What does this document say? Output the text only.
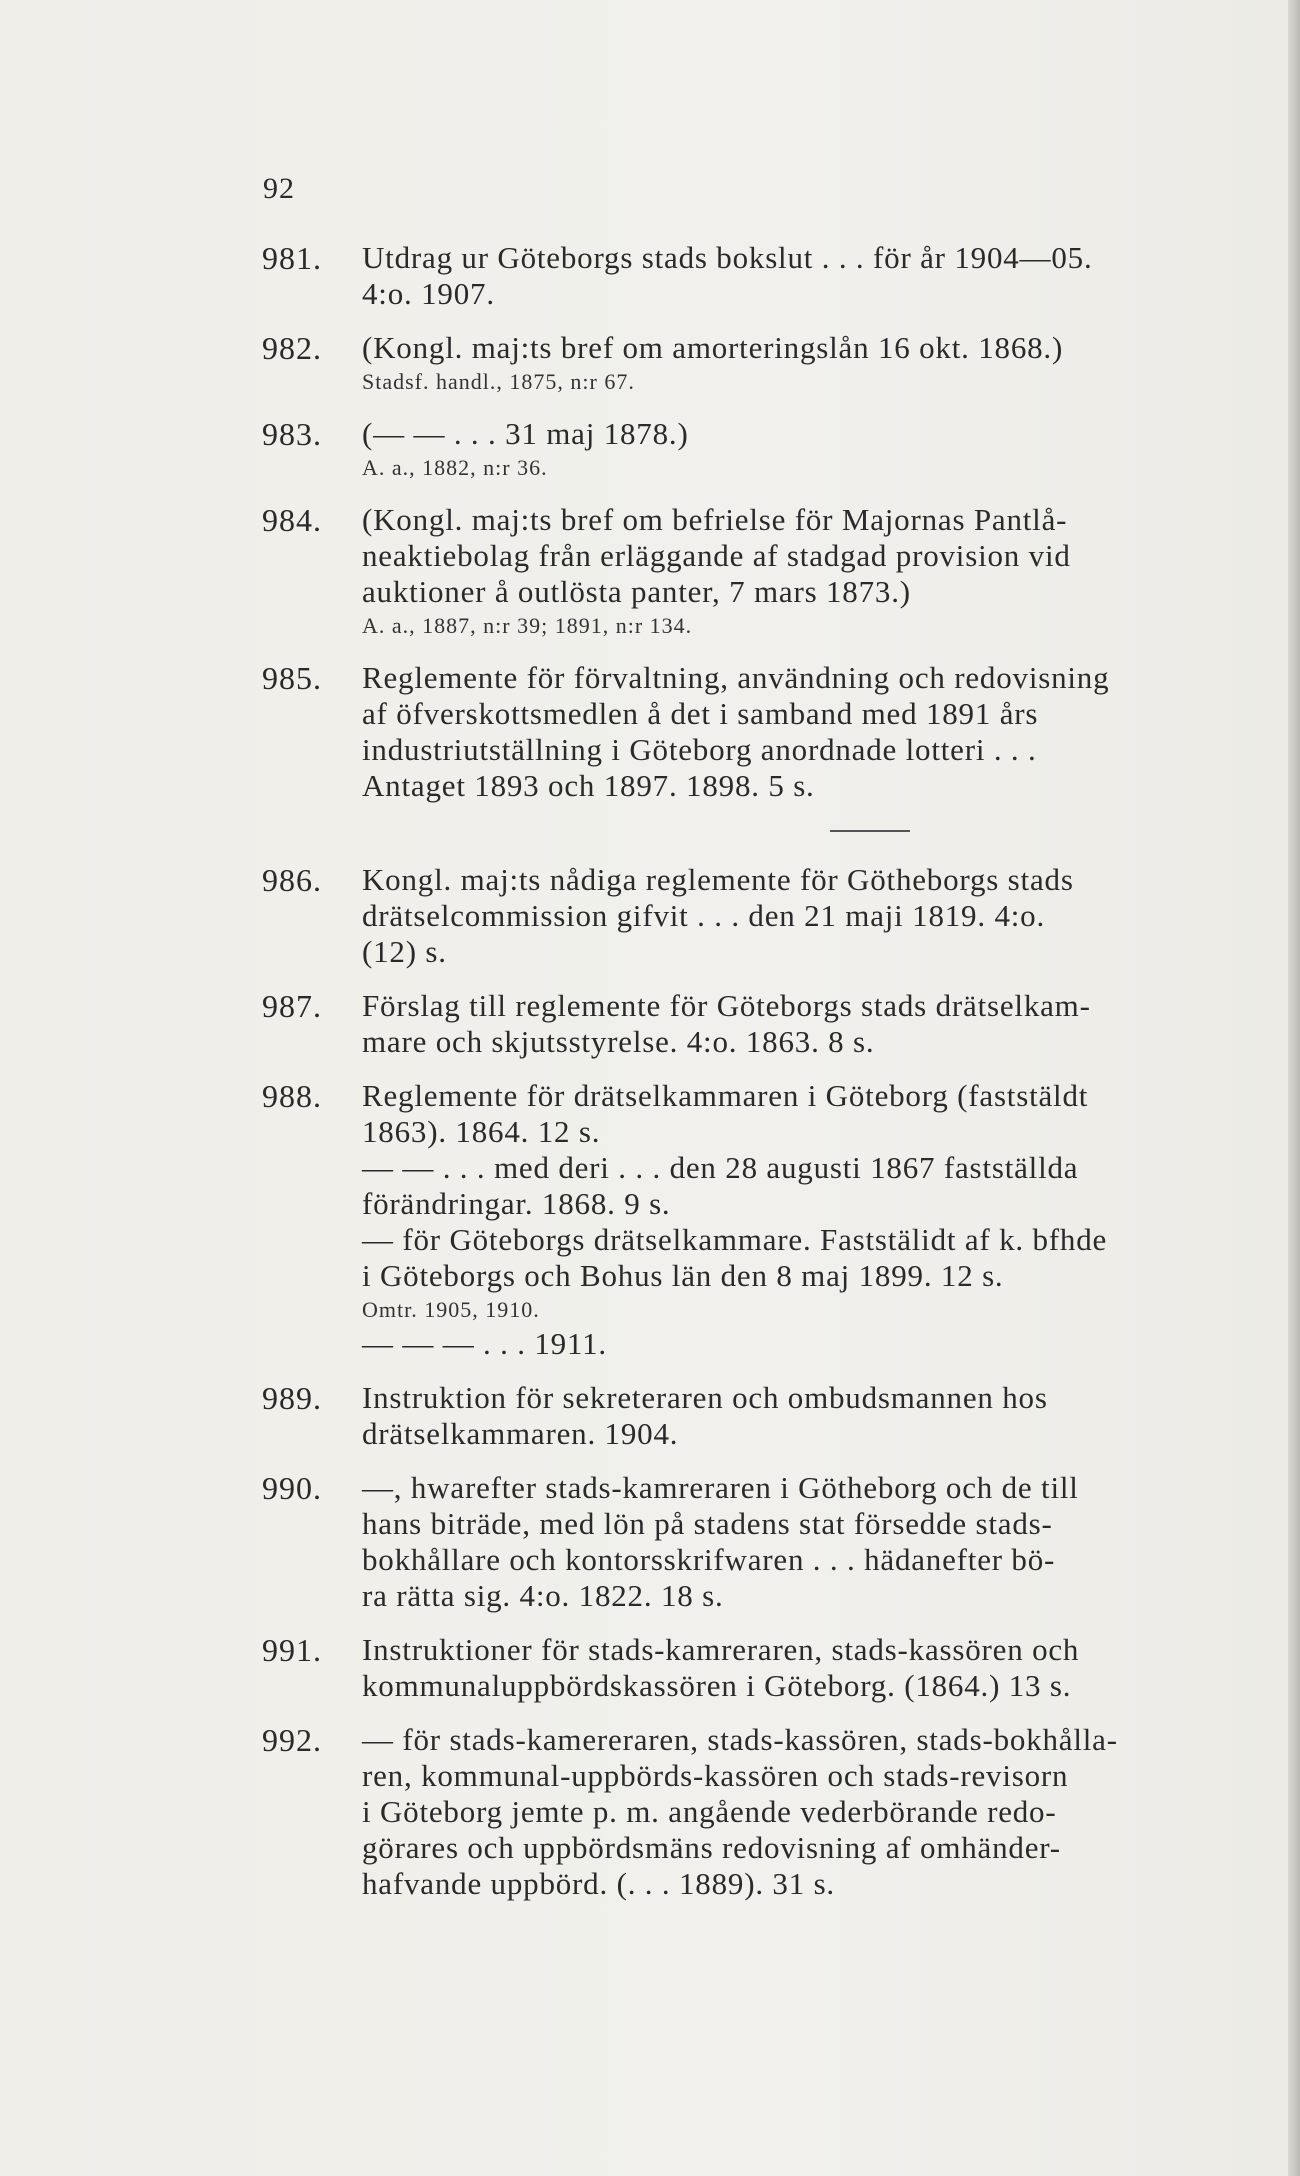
92
981. Utdrag ur Göteborgs stads bokslut . . . för år 1904—05.
4:o. 1907.
982. (Kongl. maj:ts bref om amorteringslån 16 okt. 1868.)
Stadsf. handl., 1875, n:r 67.
983. (— — . . . 31 maj 1878.)
A. a., 1882, n:r 36.
984. (Kongl. maj:ts bref om befrielse för Majornas Pantlå-
neaktiebolag från erläggande af stadgad provision vid
auktioner å outlösta panter, 7 mars 1873.)
A. a., 1887, n:r 39; 1891, n:r 134.
985. Reglemente för förvaltning, användning och redovisning
af öfverskottsmedlen å det i samband med 1891 års
industriutställning i Göteborg anordnade lotteri . . .
Antaget 1893 och 1897. 1898. 5 s.
986. Kongl. maj:ts nådiga reglemente för Götheborgs stads
drätselcommission gifvit . . . den 21 maji 1819. 4:o.
(12) s.
987. Förslag till reglemente för Göteborgs stads drätselkam-
mare och skjutsstyrelse. 4:o. 1863. 8 s.
988. Reglemente för drätselkammaren i Göteborg (faststäldt
1863). 1864. 12 s.
— — . . . med deri . . . den 28 augusti 1867 fastställda
förändringar. 1868. 9 s.
— för Göteborgs drätselkammare. Faststälidt af k. bfhde
i Göteborgs och Bohus län den 8 maj 1899. 12 s.
Omtr. 1905, 1910.
— — — . . . 1911.
989. Instruktion för sekreteraren och ombudsmannen hos
drätselkammaren. 1904.
990. —, hwarefter stads-kamreraren i Götheborg och de till
hans biträde, med lön på stadens stat försedde stads-
bokhållare och kontorsskrifwaren . . . hädanefter bö-
ra rätta sig. 4:o. 1822. 18 s.
991. Instruktioner för stads-kamreraren, stads-kassören och
kommunaluppbördskassören i Göteborg. (1864.) 13 s.
992. — för stads-kamereraren, stads-kassören, stads-bokhålla-
ren, kommunal-uppbörds-kassören och stads-revisorn
i Göteborg jemte p. m. angående vederbörande redo-
görares och uppbördsmäns redovisning af omhänder-
hafvande uppbörd. (. . . 1889). 31 s.
